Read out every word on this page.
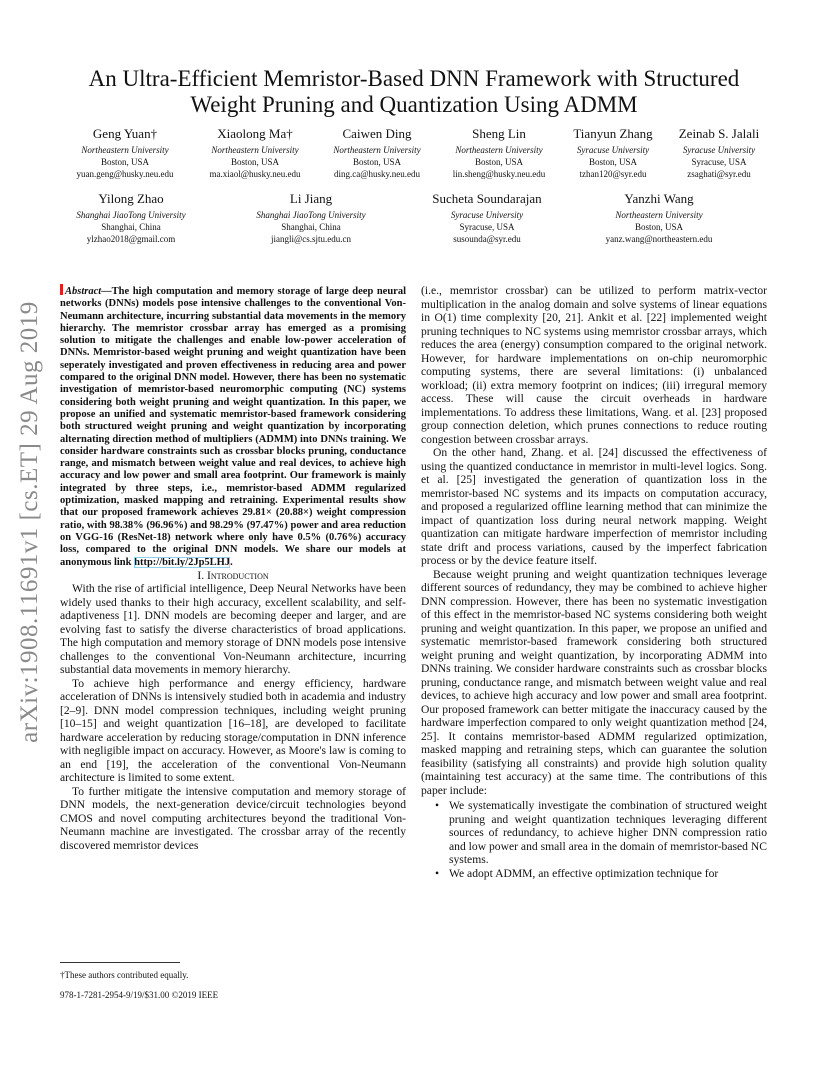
An Ultra-Efficient Memristor-Based DNN Framework with Structured Weight Pruning and Quantization Using ADMM
Geng Yuan†
Northeastern University
Boston, USA
yuan.geng@husky.neu.edu
Xiaolong Ma†
Northeastern University
Boston, USA
ma.xiaol@husky.neu.edu
Caiwen Ding
Northeastern University
Boston, USA
ding.ca@husky.neu.edu
Sheng Lin
Northeastern University
Boston, USA
lin.sheng@husky.neu.edu
Tianyun Zhang
Syracuse University
Boston, USA
tzhan120@syr.edu
Zeinab S. Jalali
Syracuse University
Syracuse, USA
zsaghati@syr.edu
Yilong Zhao
Shanghai JiaoTong University
Shanghai, China
ylzhao2018@gmail.com
Li Jiang
Shanghai JiaoTong University
Shanghai, China
jiangli@cs.sjtu.edu.cn
Sucheta Soundarajan
Syracuse University
Syracuse, USA
susounda@syr.edu
Yanzhi Wang
Northeastern University
Boston, USA
yanz.wang@northeastern.edu
arXiv:1908.11691v1 [cs.ET] 29 Aug 2019

Abstract—The high computation and memory storage of large deep neural networks (DNNs) models pose intensive challenges to the conventional Von-Neumann architecture, incurring substantial data movements in the memory hierarchy. The memristor crossbar array has emerged as a promising solution to mitigate the challenges and enable low-power acceleration of DNNs. Memristor-based weight pruning and weight quantization have been seperately investigated and proven effectiveness in reducing area and power compared to the original DNN model. However, there has been no systematic investigation of memristor-based neuromorphic computing (NC) systems considering both weight pruning and weight quantization. In this paper, we propose an unified and systematic memristor-based framework considering both structured weight pruning and weight quantization by incorporating alternating direction method of multipliers (ADMM) into DNNs training. We consider hardware constraints such as crossbar blocks pruning, conductance range, and mismatch between weight value and real devices, to achieve high accuracy and low power and small area footprint. Our framework is mainly integrated by three steps, i.e., memristor-based ADMM regularized optimization, masked mapping and retraining. Experimental results show that our proposed framework achieves 29.81× (20.88×) weight compression ratio, with 98.38% (96.96%) and 98.29% (97.47%) power and area reduction on VGG-16 (ResNet-18) network where only have 0.5% (0.76%) accuracy loss, compared to the original DNN models. We share our models at anonymous link http://bit.ly/2Jp5LHJ.

I. Introduction

With the rise of artificial intelligence, Deep Neural Networks have been widely used thanks to their high accuracy, excellent scalability, and self-adaptiveness [1]. DNN models are becoming deeper and larger, and are evolving fast to satisfy the diverse characteristics of broad applications. The high computation and memory storage of DNN models pose intensive challenges to the conventional Von-Neumann architecture, incurring substantial data movements in memory hierarchy.

To achieve high performance and energy efficiency, hardware acceleration of DNNs is intensively studied both in academia and industry [2–9]. DNN model compression techniques, including weight pruning [10–15] and weight quantization [16–18], are developed to facilitate hardware acceleration by reducing storage/computation in DNN inference with negligible impact on accuracy. However, as Moore's law is coming to an end [19], the acceleration of the conventional Von-Neumann architecture is limited to some extent.

To further mitigate the intensive computation and memory storage of DNN models, the next-generation device/circuit technologies beyond CMOS and novel computing architectures beyond the traditional Von-Neumann machine are investigated. The crossbar array of the recently discovered memristor devices

(i.e., memristor crossbar) can be utilized to perform matrix-vector multiplication in the analog domain and solve systems of linear equations in O(1) time complexity [20, 21]. Ankit et al. [22] implemented weight pruning techniques to NC systems using memristor crossbar arrays, which reduces the area (energy) consumption compared to the original network. However, for hardware implementations on on-chip neuromorphic computing systems, there are several limitations: (i) unbalanced workload; (ii) extra memory footprint on indices; (iii) irregural memory access. These will cause the circuit overheads in hardware implementations. To address these limitations, Wang. et al. [23] proposed group connection deletion, which prunes connections to reduce routing congestion between crossbar arrays.

On the other hand, Zhang. et al. [24] discussed the effectiveness of using the quantized conductance in memristor in multi-level logics. Song. et al. [25] investigated the generation of quantization loss in the memristor-based NC systems and its impacts on computation accuracy, and proposed a regularized offline learning method that can minimize the impact of quantization loss during neural network mapping. Weight quantization can mitigate hardware imperfection of memristor including state drift and process variations, caused by the imperfect fabrication process or by the device feature itself.

Because weight pruning and weight quantization techniques leverage different sources of redundancy, they may be combined to achieve higher DNN compression. However, there has been no systematic investigation of this effect in the memristor-based NC systems considering both weight pruning and weight quantization. In this paper, we propose an unified and systematic memristor-based framework considering both structured weight pruning and weight quantization, by incorporating ADMM into DNNs training. We consider hardware constraints such as crossbar blocks pruning, conductance range, and mismatch between weight value and real devices, to achieve high accuracy and low power and small area footprint. Our proposed framework can better mitigate the inaccuracy caused by the hardware imperfection compared to only weight quantization method [24, 25]. It contains memristor-based ADMM regularized optimization, masked mapping and retraining steps, which can guarantee the solution feasibility (satisfying all constraints) and provide high solution quality (maintaining test accuracy) at the same time. The contributions of this paper include:

• We systematically investigate the combination of structured weight pruning and weight quantization techniques leveraging different sources of redundancy, to achieve higher DNN compression ratio and low power and small area in the domain of memristor-based NC systems.
• We adopt ADMM, an effective optimization technique for
†These authors contributed equally.
978-1-7281-2954-9/19/$31.00 ©2019 IEEE
